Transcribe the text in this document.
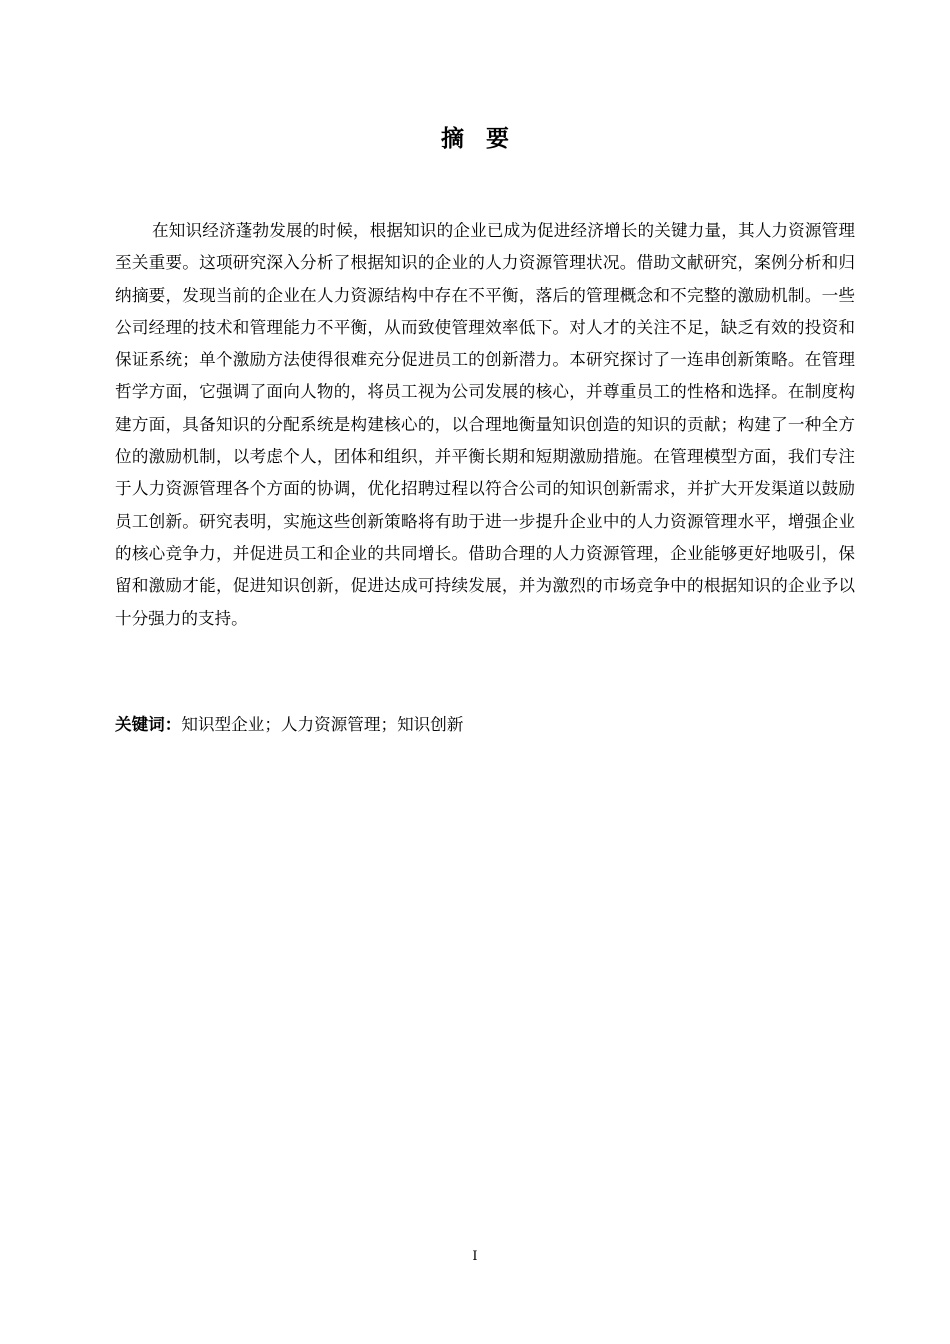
摘要

在知识经济蓬勃发展的时候，根据知识的企业已成为促进经济增长的关键力量，其人力资源管理至关重要。这项研究深入分析了根据知识的企业的人力资源管理状况。借助文献研究，案例分析和归纳摘要，发现当前的企业在人力资源结构中存在不平衡，落后的管理概念和不完整的激励机制。一些公司经理的技术和管理能力不平衡，从而致使管理效率低下。对人才的关注不足，缺乏有效的投资和保证系统；单个激励方法使得很难充分促进员工的创新潜力。本研究探讨了一连串创新策略。在管理哲学方面，它强调了面向人物的，将员工视为公司发展的核心，并尊重员工的性格和选择。在制度构建方面，具备知识的分配系统是构建核心的，以合理地衡量知识创造的知识的贡献；构建了一种全方位的激励机制，以考虑个人，团体和组织，并平衡长期和短期激励措施。在管理模型方面，我们专注于人力资源管理各个方面的协调，优化招聘过程以符合公司的知识创新需求，并扩大开发渠道以鼓励员工创新。研究表明，实施这些创新策略将有助于进一步提升企业中的人力资源管理水平，增强企业的核心竞争力，并促进员工和企业的共同增长。借助合理的人力资源管理，企业能够更好地吸引，保留和激励才能，促进知识创新，促进达成可持续发展，并为激烈的市场竞争中的根据知识的企业予以十分强力的支持。

关键词：知识型企业；人力资源管理；知识创新

I
